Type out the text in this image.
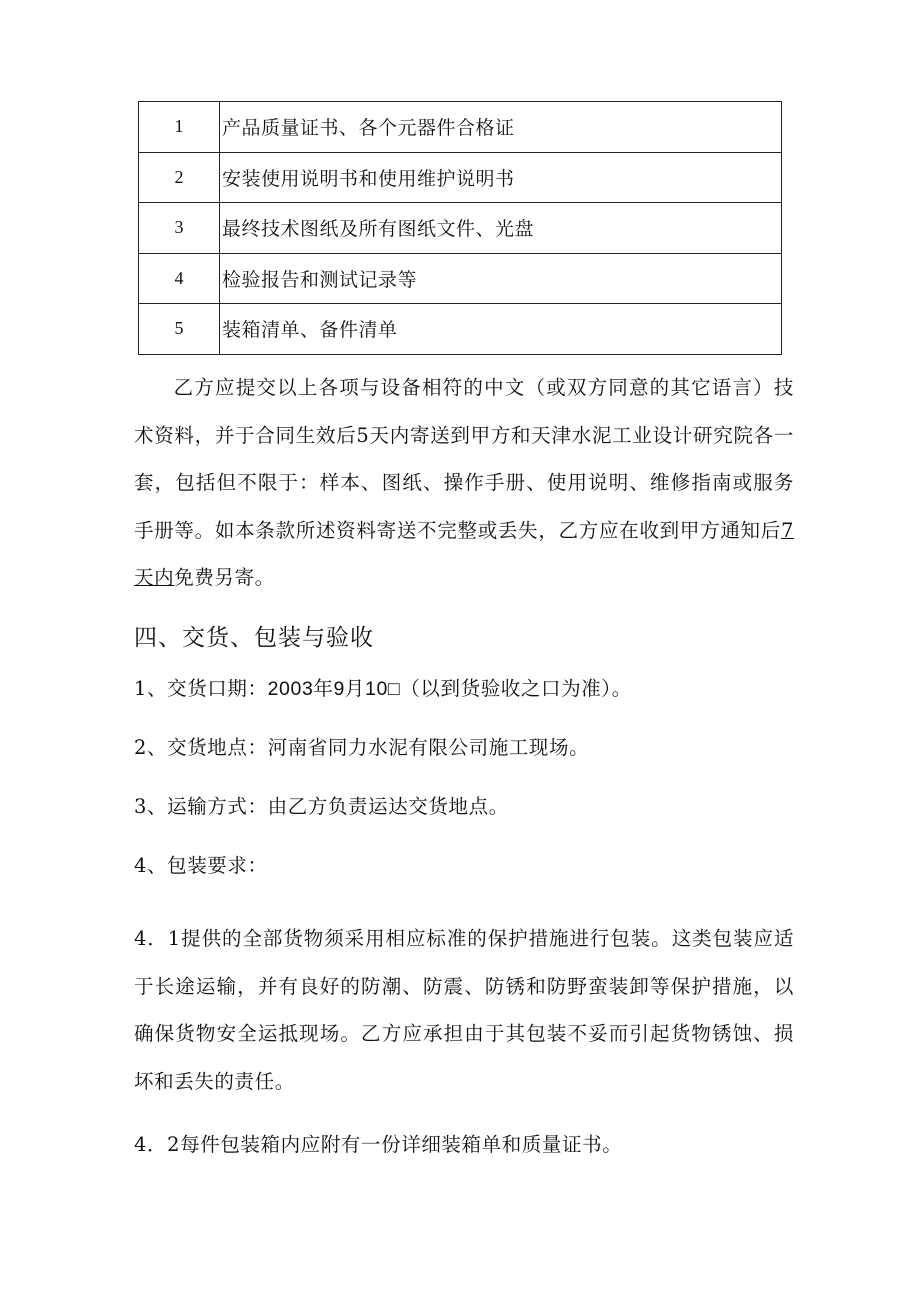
1	产品质量证书、各个元器件合格证
2	安装使用说明书和使用维护说明书
3	最终技术图纸及所有图纸文件、光盘
4	检验报告和测试记录等
5	装箱清单、备件清单
乙方应提交以上各项与设备相符的中文（或双方同意的其它语言）技术资料，并于合同生效后5天内寄送到甲方和天津水泥工业设计研究院各一套，包括但不限于：样本、图纸、操作手册、使用说明、维修指南或服务手册等。如本条款所述资料寄送不完整或丢失，乙方应在收到甲方通知后7天内免费另寄。
四、交货、包装与验收
1、交货口期：2003年9月10□（以到货验收之口为准）。
2、交货地点：河南省同力水泥有限公司施工现场。
3、运输方式：由乙方负责运达交货地点。
4、包装要求：
4．1提供的全部货物须采用相应标准的保护措施进行包装。这类包装应适于长途运输，并有良好的防潮、防震、防锈和防野蛮装卸等保护措施，以确保货物安全运抵现场。乙方应承担由于其包装不妥而引起货物锈蚀、损坏和丢失的责任。
4．2每件包装箱内应附有一份详细装箱单和质量证书。
